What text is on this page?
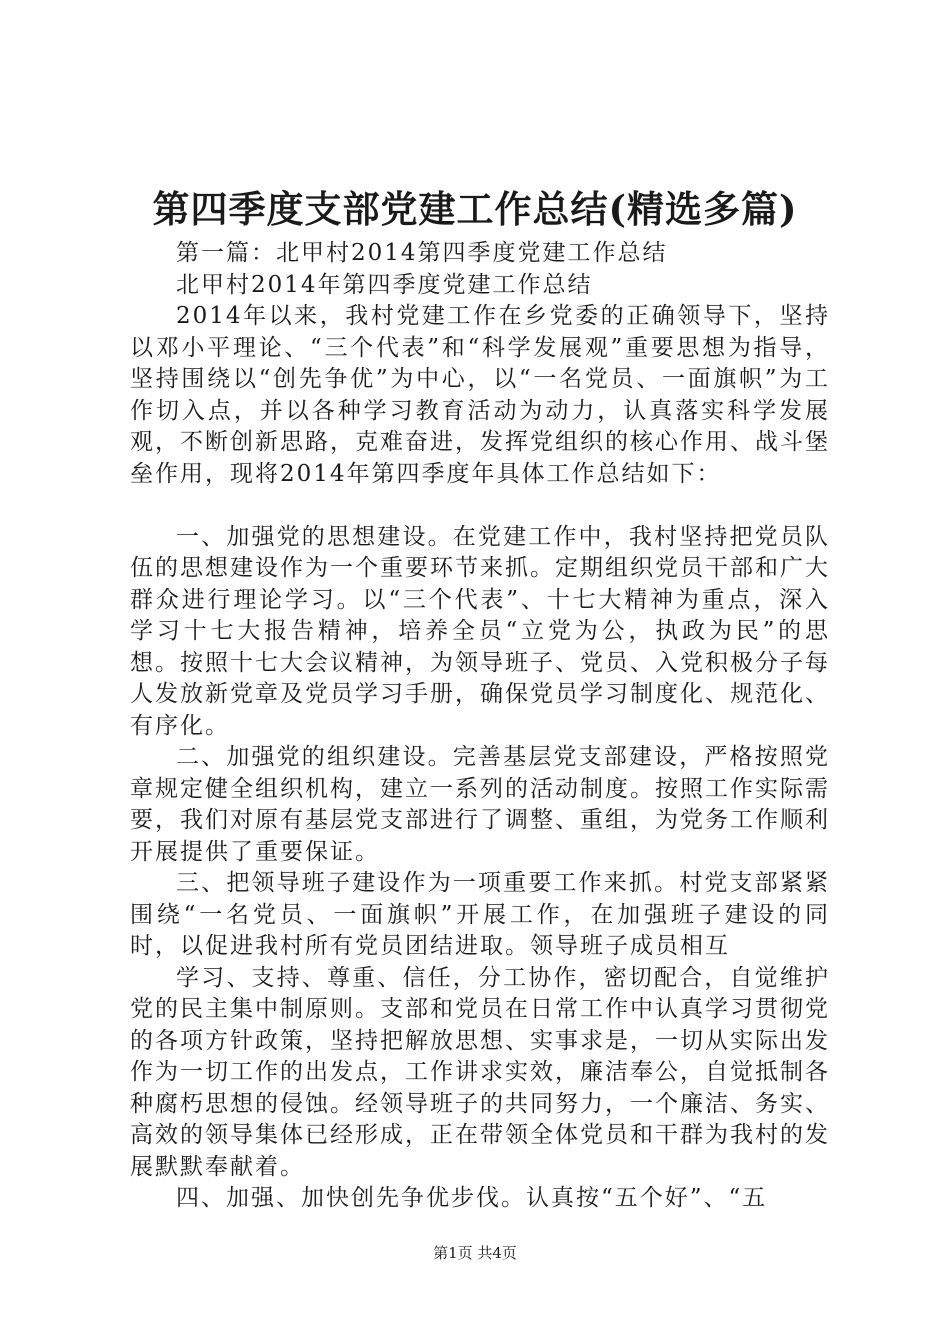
第四季度支部党建工作总结(精选多篇)

第一篇：北甲村2014第四季度党建工作总结

北甲村2014年第四季度党建工作总结

2014年以来，我村党建工作在乡党委的正确领导下，坚持以邓小平理论、“三个代表”和“科学发展观”重要思想为指导，坚持围绕以“创先争优”为中心，以“一名党员、一面旗帜”为工作切入点，并以各种学习教育活动为动力，认真落实科学发展观，不断创新思路，克难奋进，发挥党组织的核心作用、战斗堡垒作用，现将2014年第四季度年具体工作总结如下：

一、加强党的思想建设。在党建工作中，我村坚持把党员队伍的思想建设作为一个重要环节来抓。定期组织党员干部和广大群众进行理论学习。以“三个代表”、十七大精神为重点，深入学习十七大报告精神，培养全员“立党为公，执政为民”的思想。按照十七大会议精神，为领导班子、党员、入党积极分子每人发放新党章及党员学习手册，确保党员学习制度化、规范化、有序化。

二、加强党的组织建设。完善基层党支部建设，严格按照党章规定健全组织机构，建立一系列的活动制度。按照工作实际需要，我们对原有基层党支部进行了调整、重组，为党务工作顺利开展提供了重要保证。

三、把领导班子建设作为一项重要工作来抓。村党支部紧紧围绕“一名党员、一面旗帜”开展工作，在加强班子建设的同时，以促进我村所有党员团结进取。领导班子成员相互

学习、支持、尊重、信任，分工协作，密切配合，自觉维护党的民主集中制原则。支部和党员在日常工作中认真学习贯彻党的各项方针政策，坚持把解放思想、实事求是，一切从实际出发作为一切工作的出发点，工作讲求实效，廉洁奉公，自觉抵制各种腐朽思想的侵蚀。经领导班子的共同努力，一个廉洁、务实、高效的领导集体已经形成，正在带领全体党员和干群为我村的发展默默奉献着。

四、加强、加快创先争优步伐。认真按“五个好”、“五

第1页 共4页
